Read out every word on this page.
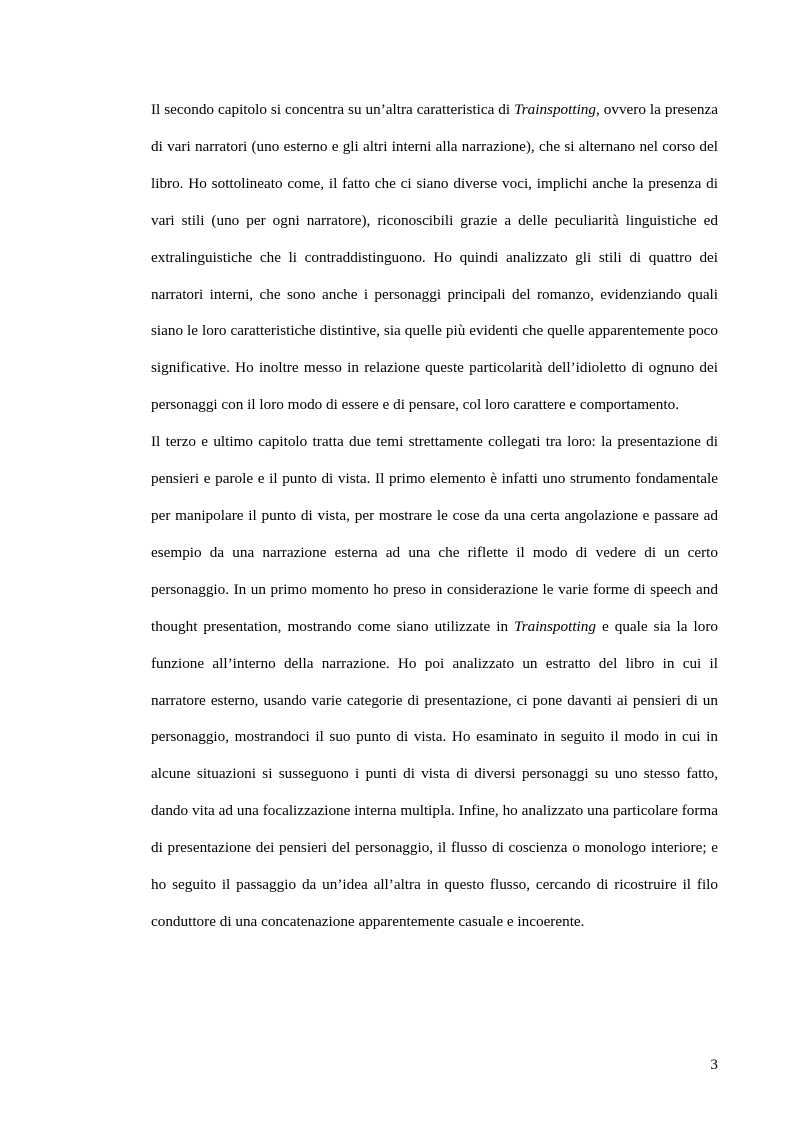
Il secondo capitolo si concentra su un’altra caratteristica di Trainspotting, ovvero la presenza di vari narratori (uno esterno e gli altri interni alla narrazione), che si alternano nel corso del libro. Ho sottolineato come, il fatto che ci siano diverse voci, implichi anche la presenza di vari stili (uno per ogni narratore), riconoscibili grazie a delle peculiarità linguistiche ed extralinguistiche che li contraddistinguono. Ho quindi analizzato gli stili di quattro dei narratori interni, che sono anche i personaggi principali del romanzo, evidenziando quali siano le loro caratteristiche distintive, sia quelle più evidenti che quelle apparentemente poco significative. Ho inoltre messo in relazione queste particolarità dell’idioletto di ognuno dei personaggi con il loro modo di essere e di pensare, col loro carattere e comportamento.

Il terzo e ultimo capitolo tratta due temi strettamente collegati tra loro: la presentazione di pensieri e parole e il punto di vista. Il primo elemento è infatti uno strumento fondamentale per manipolare il punto di vista, per mostrare le cose da una certa angolazione e passare ad esempio da una narrazione esterna ad una che riflette il modo di vedere di un certo personaggio. In un primo momento ho preso in considerazione le varie forme di speech and thought presentation, mostrando come siano utilizzate in Trainspotting e quale sia la loro funzione all’interno della narrazione. Ho poi analizzato un estratto del libro in cui il narratore esterno, usando varie categorie di presentazione, ci pone davanti ai pensieri di un personaggio, mostrandoci il suo punto di vista. Ho esaminato in seguito il modo in cui in alcune situazioni si susseguono i punti di vista di diversi personaggi su uno stesso fatto, dando vita ad una focalizzazione interna multipla. Infine, ho analizzato una particolare forma di presentazione dei pensieri del personaggio, il flusso di coscienza o monologo interiore; e ho seguito il passaggio da un’idea all’altra in questo flusso, cercando di ricostruire il filo conduttore di una concatenazione apparentemente casuale e incoerente.

3
